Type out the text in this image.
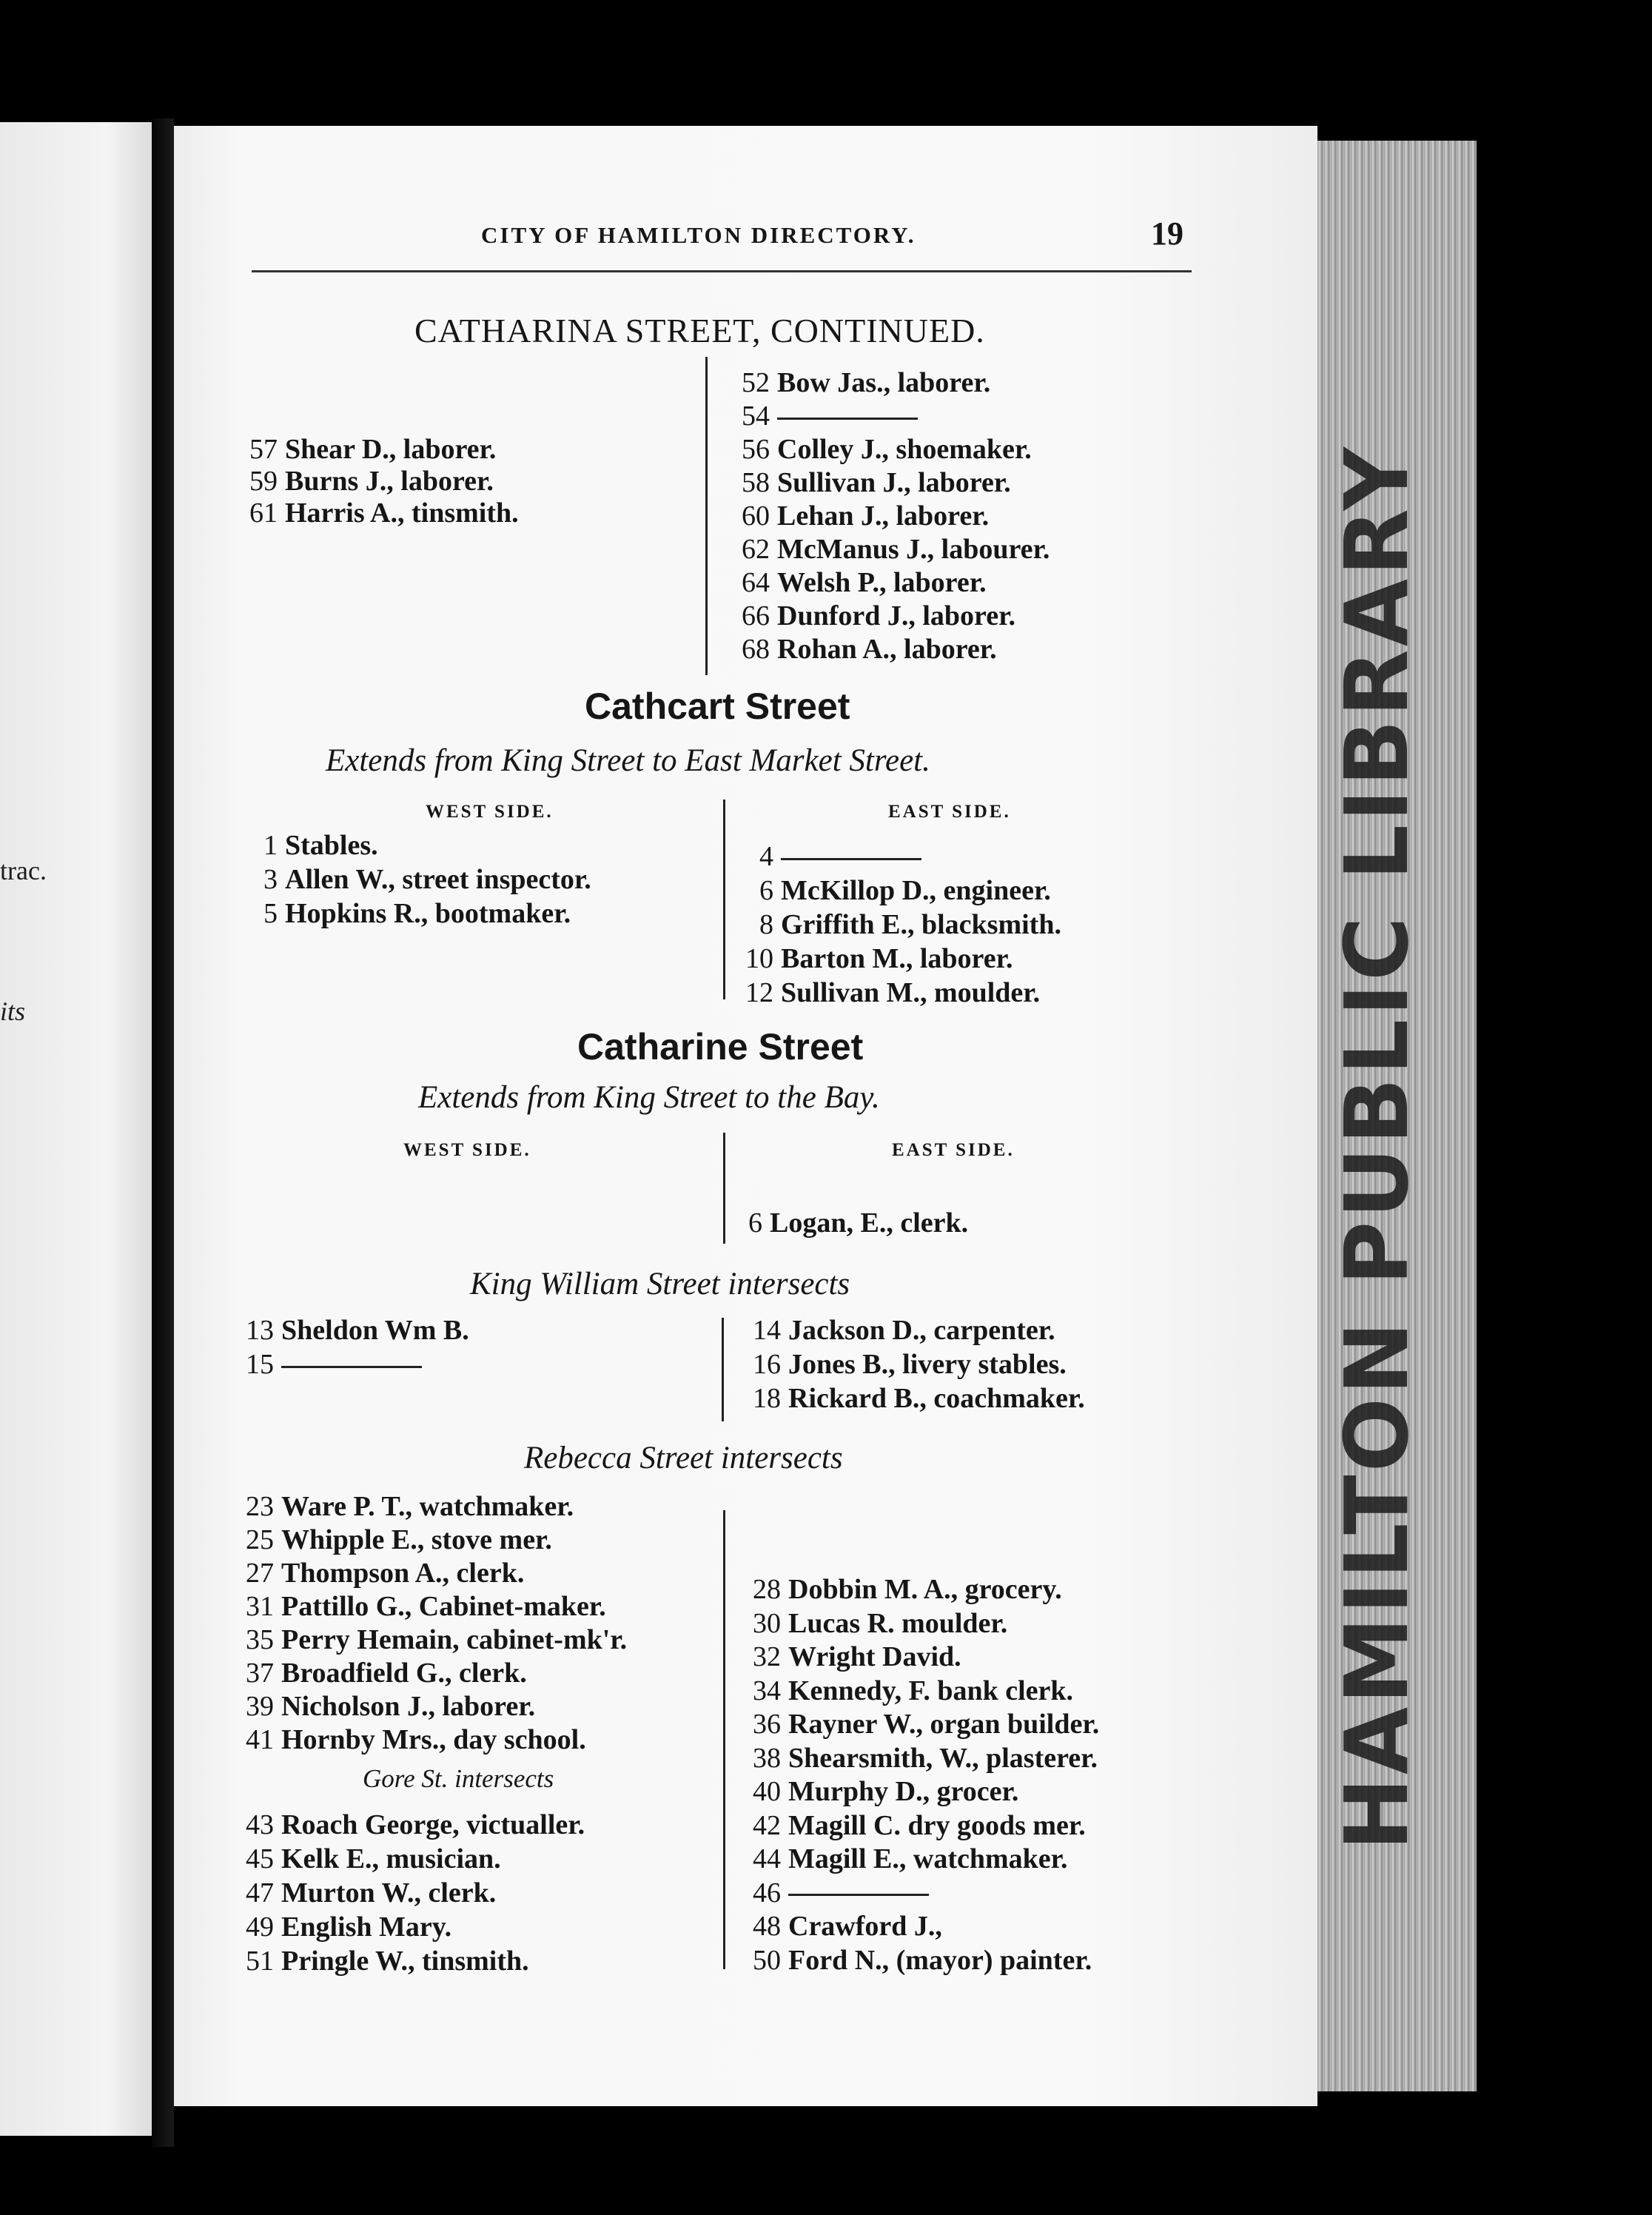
trac.
its	HAMILTON PUBLIC LIBRARY
CITY OF HAMILTON DIRECTORY.	19
CATHARINA STREET, CONTINUED.
57 Shear D., laborer.
59 Burns J., laborer.
61 Harris A., tinsmith.
52 Bow Jas., laborer.
54
56 Colley J., shoemaker.
58 Sullivan J., laborer.
60 Lehan J., laborer.
62 McManus J., labourer.
64 Welsh P., laborer.
66 Dunford J., laborer.
68 Rohan A., laborer.
Cathcart Street
Extends from King Street to East Market Street.
WEST SIDE.	EAST SIDE.
1 Stables.
3 Allen W., street inspector.
5 Hopkins R., bootmaker.
4
6 McKillop D., engineer.
8 Griffith E., blacksmith.
10 Barton M., laborer.
12 Sullivan M., moulder.
Catharine Street
Extends from King Street to the Bay.
WEST SIDE.	EAST SIDE.
6 Logan, E., clerk.
King William Street intersects
13 Sheldon Wm B.
15
14 Jackson D., carpenter.
16 Jones B., livery stables.
18 Rickard B., coachmaker.
Rebecca Street intersects
23 Ware P. T., watchmaker.
25 Whipple E., stove mer.
27 Thompson A., clerk.
31 Pattillo G., Cabinet-maker.
35 Perry Hemain, cabinet-mk'r.
37 Broadfield G., clerk.
39 Nicholson J., laborer.
41 Hornby Mrs., day school.
Gore St. intersects
43 Roach George, victualler.
45 Kelk E., musician.
47 Murton W., clerk.
49 English Mary.
51 Pringle W., tinsmith.
28 Dobbin M. A., grocery.
30 Lucas R. moulder.
32 Wright David.
34 Kennedy, F. bank clerk.
36 Rayner W., organ builder.
38 Shearsmith, W., plasterer.
40 Murphy D., grocer.
42 Magill C. dry goods mer.
44 Magill E., watchmaker.
46
48 Crawford J.,
50 Ford N., (mayor) painter.
